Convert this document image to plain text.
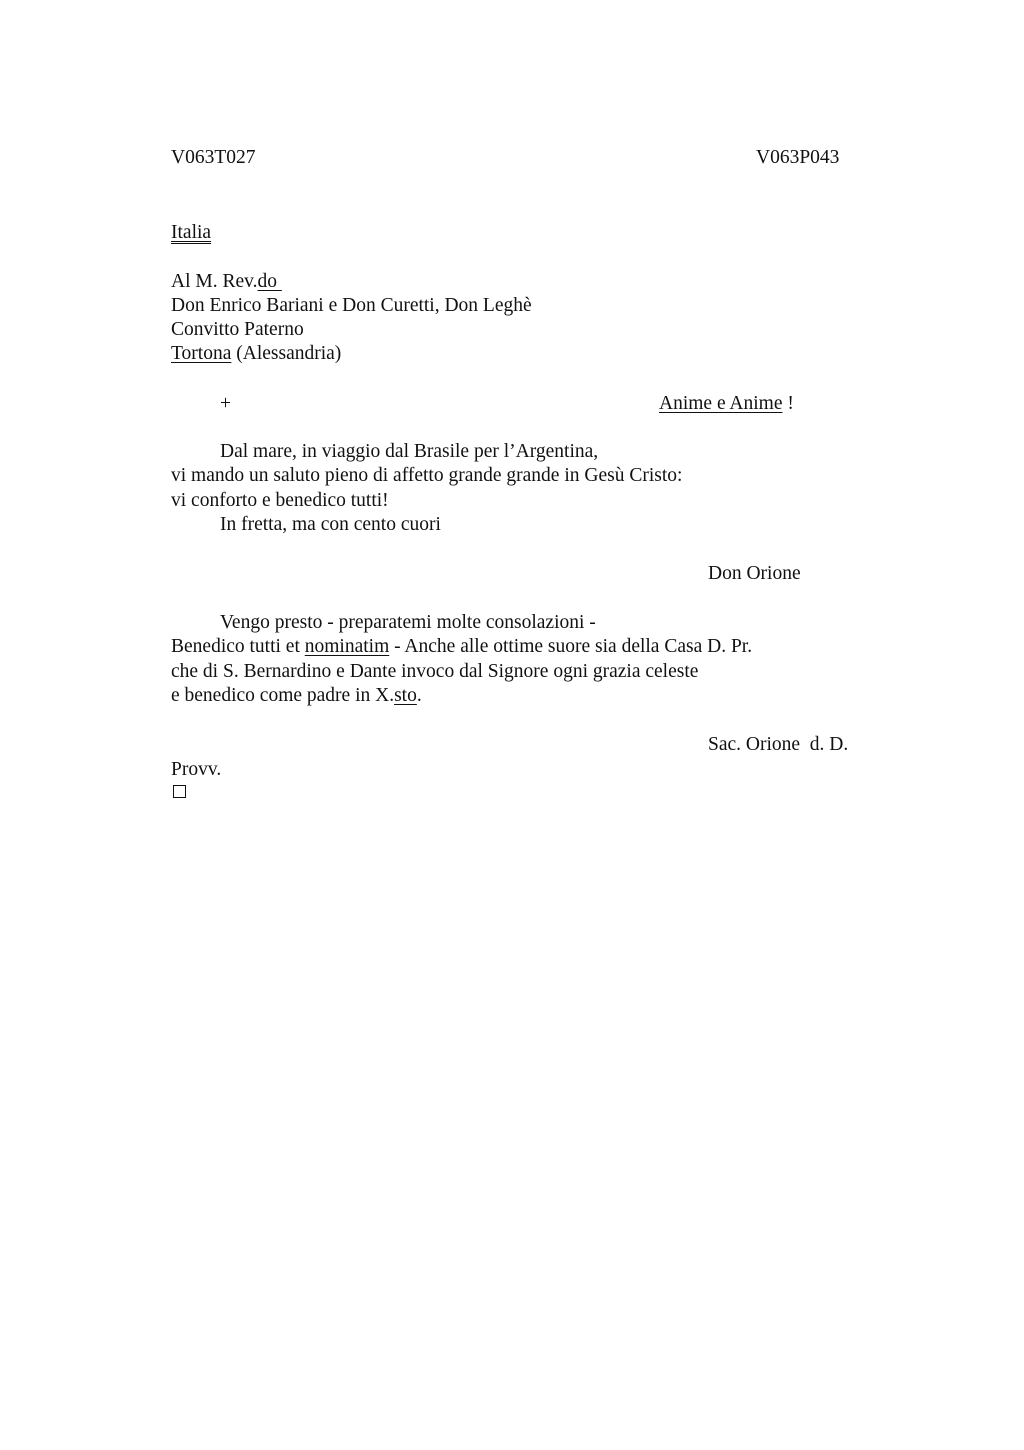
V063T027	V063P043
Italia
Al M. Rev.do
Don Enrico Bariani e Don Curetti, Don Leghè
Convitto Paterno
Tortona (Alessandria)
+	Anime e Anime !
Dal mare, in viaggio dal Brasile per l’Argentina,
vi mando un saluto pieno di affetto grande grande in Gesù Cristo:
vi conforto e benedico tutti!
In fretta, ma con cento cuori
Don Orione
Vengo presto - preparatemi molte consolazioni -
Benedico tutti et nominatim - Anche alle ottime suore sia della Casa D. Pr.
che di S. Bernardino e Dante invoco dal Signore ogni grazia celeste
e benedico come padre in X.sto.
Sac. Orione  d. D.
Provv.
